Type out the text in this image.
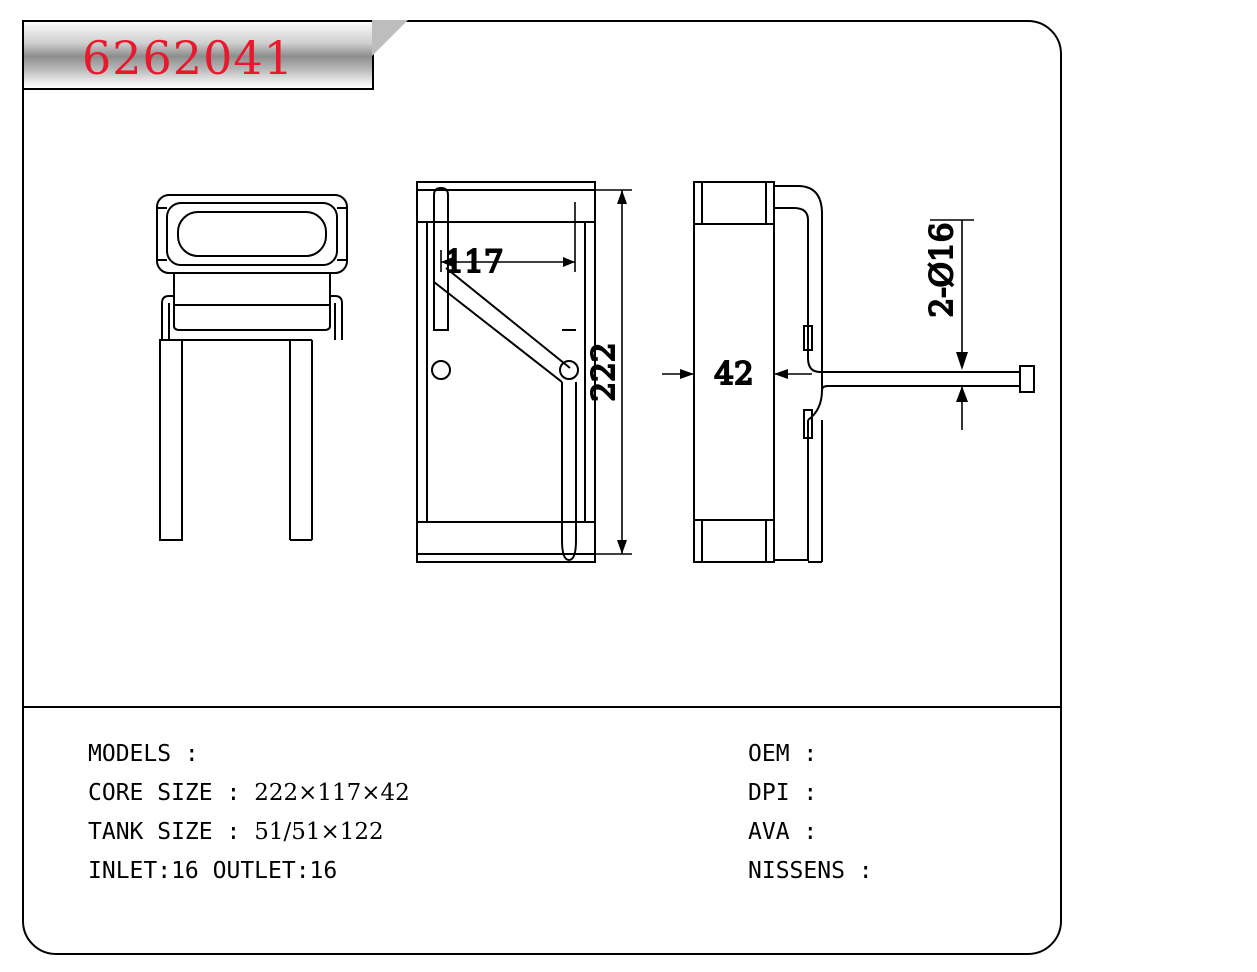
117
222	42
2-Ø16
6262041
MODELS :
CORE SIZE : 222×117×42
TANK SIZE : 51/51×122
INLET:16 OUTLET:16
OEM :
DPI :
AVA :
NISSENS :
